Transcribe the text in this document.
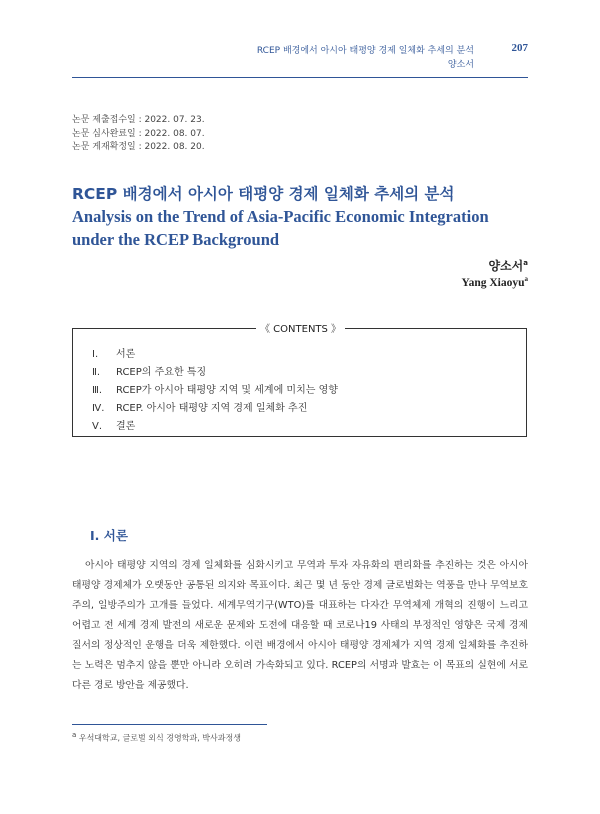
RCEP 배경에서 아시아 태평양 경제 일체화 추세의 분석	207
양소서
논문 제출접수일 : 2022. 07. 23.
논문 심사완료일 : 2022. 08. 07.
논문 게재확정일 : 2022. 08. 20.
RCEP 배경에서 아시아 태평양 경제 일체화 추세의 분석
Analysis on the Trend of Asia-Pacific Economic Integration under the RCEP Background
양소서$^a$
Yang Xiaoyu$^a$
《 CONTENTS 》
Ⅰ. 서론
Ⅱ. RCEP의 주요한 특징
Ⅲ. RCEP가 아시아 태평양 지역 및 세계에 미치는 영향
Ⅳ. RCEP. 아시아 태평양 지역 경제 일체화 추진
Ⅴ. 결론
Ⅰ. 서론

아시아 태평양 지역의 경제 일체화를 심화시키고 무역과 투자 자유화의 편리화를 추진하는 것은 아시아 태평양 경제체가 오랫동안 공통된 의지와 목표이다. 최근 몇 년 동안 경제 글로벌화는 역풍을 만나 무역보호주의, 일방주의가 고개를 들었다. 세계무역기구(WTO)를 대표하는 다자간 무역체제 개혁의 진행이 느리고 어렵고 전 세계 경제 발전의 새로운 문제와 도전에 대응할 때 코로나19 사태의 부정적인 영향은 국제 경제 질서의 정상적인 운행을 더욱 제한했다. 이런 배경에서 아시아 태평양 경제체가 지역 경제 일체화를 추진하는 노력은 멈추지 않을 뿐만 아니라 오히려 가속화되고 있다. RCEP의 서명과 발효는 이 목표의 실현에 서로 다른 경로 방안을 제공했다.

$^a$ 우석대학교, 글로벌 외식 경영학과, 박사과정생
